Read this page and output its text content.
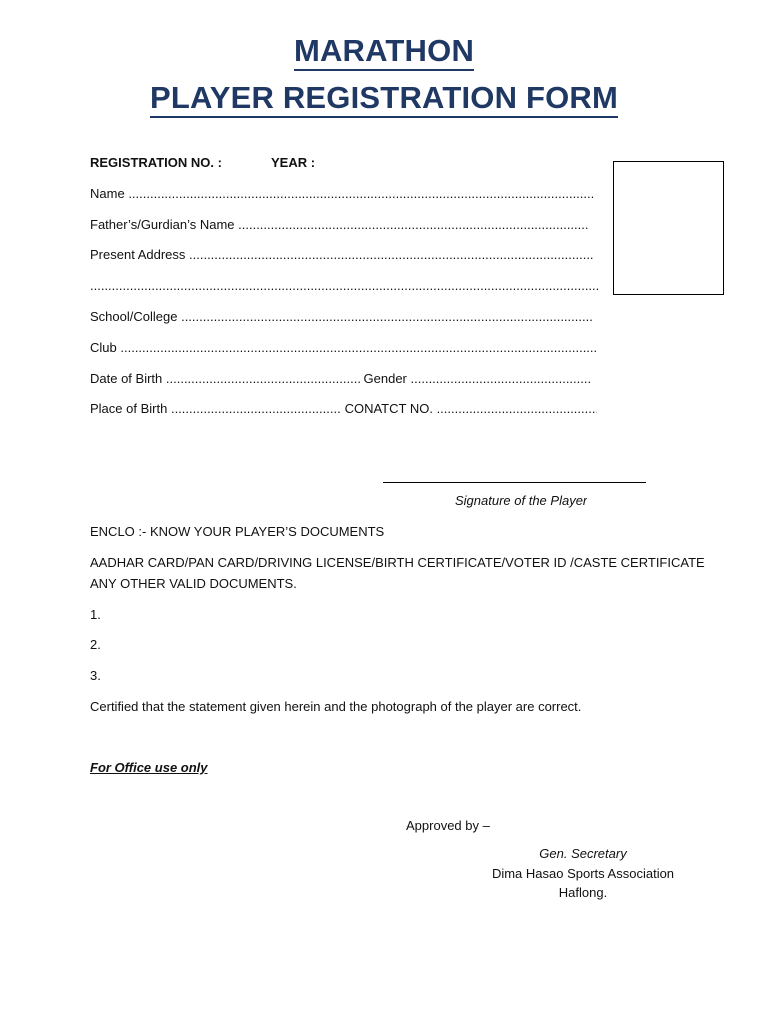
MARATHON
PLAYER REGISTRATION FORM
REGISTRATION NO. :	YEAR :
Name .....
Father’s/Gurdian’s Name .....
Present Address .....
.....
School/College .....
Club .....
Date of Birth .....	Gender .....
Place of Birth .....	CONATCT NO. .....
Signature of the Player
ENCLO :- KNOW YOUR PLAYER’S DOCUMENTS
AADHAR CARD/PAN CARD/DRIVING LICENSE/BIRTH CERTIFICATE/VOTER ID /CASTE CERTIFICATE
ANY OTHER VALID DOCUMENTS.
1.
2.
3.
Certified that the statement given herein and the photograph of the player are correct.
For Office use only
Approved by –
Gen. Secretary
Dima Hasao Sports Association
Haflong.
